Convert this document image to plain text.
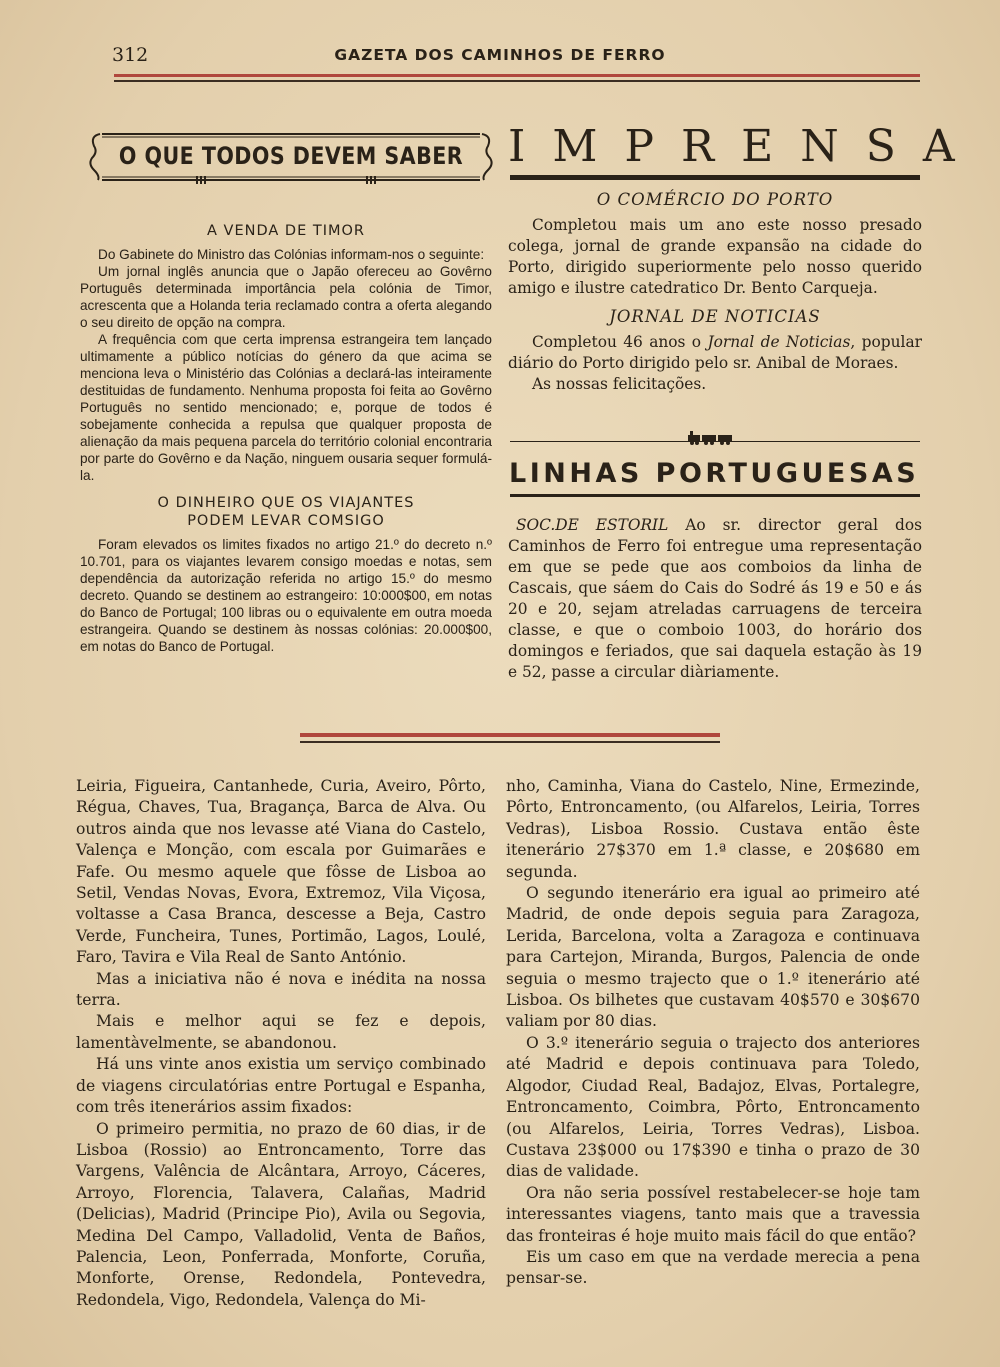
312	GAZETA DOS CAMINHOS DE FERRO
O QUE TODOS DEVEM SABER
A VENDA DE TIMOR

Do Gabinete do Ministro das Colónias informam-nos o seguinte:

Um jornal inglês anuncia que o Japão ofereceu ao Govêrno Português determinada importância pela colónia de Timor, acrescenta que a Holanda teria reclamado contra a oferta alegando o seu direito de opção na compra.

A frequência com que certa imprensa estrangeira tem lançado ultimamente a público notícias do género da que acima se menciona leva o Ministério das Colónias a declará-las inteiramente destituidas de fundamento. Nenhuma proposta foi feita ao Govêrno Português no sentido mencionado; e, porque de todos é sobejamente conhecida a repulsa que qualquer proposta de alienação da mais pequena parcela do território colonial encontraria por parte do Govêrno e da Nação, ninguem ousaria sequer formulá-la.

O DINHEIRO QUE OS VIAJANTES
PODEM LEVAR COMSIGO

Foram elevados os limites fixados no artigo 21.º do decreto n.º 10.701, para os viajantes levarem consigo moedas e notas, sem dependência da autorização referida no artigo 15.º do mesmo decreto. Quando se destinem ao estrangeiro: 10:000$00, em notas do Banco de Portugal; 100 libras ou o equivalente em outra moeda estrangeira. Quando se destinem às nossas colónias: 20.000$00, em notas do Banco de Portugal.

IMPRENSA
O COMÉRCIO DO PORTO

Completou mais um ano este nosso presado colega, jornal de grande expansão na cidade do Porto, dirigido superiormente pelo nosso querido amigo e ilustre catedratico Dr. Bento Carqueja.

JORNAL DE NOTICIAS

Completou 46 anos o Jornal de Noticias, popular diário do Porto dirigido pelo sr. Anibal de Moraes.

As nossas felicitações.

LINHAS PORTUGUESAS

SOC.DE ESTORIL Ao sr. director geral dos Caminhos de Ferro foi entregue uma representação em que se pede que aos comboios da linha de Cascais, que sáem do Cais do Sodré ás 19 e 50 e ás 20 e 20, sejam atreladas carruagens de terceira classe, e que o comboio 1003, do horário dos domingos e feriados, que sai daquela estação às 19 e 52, passe a circular diàriamente.

Leiria, Figueira, Cantanhede, Curia, Aveiro, Pôrto, Régua, Chaves, Tua, Bragança, Barca de Alva. Ou outros ainda que nos levasse até Viana do Castelo, Valença e Monção, com escala por Guimarães e Fafe. Ou mesmo aquele que fôsse de Lisboa ao Setil, Vendas Novas, Evora, Extremoz, Vila Viçosa, voltasse a Casa Branca, descesse a Beja, Castro Verde, Funcheira, Tunes, Portimão, Lagos, Loulé, Faro, Tavira e Vila Real de Santo António.

Mas a iniciativa não é nova e inédita na nossa terra.

Mais e melhor aqui se fez e depois, lamentàvelmente, se abandonou.

Há uns vinte anos existia um serviço combinado de viagens circulatórias entre Portugal e Espanha, com três itenerários assim fixados:

O primeiro permitia, no prazo de 60 dias, ir de Lisboa (Rossio) ao Entroncamento, Torre das Vargens, Valência de Alcântara, Arroyo, Cáceres, Arroyo, Florencia, Talavera, Calañas, Madrid (Delicias), Madrid (Principe Pio), Avila ou Segovia, Medina Del Campo, Valladolid, Venta de Baños, Palencia, Leon, Ponferrada, Monforte, Coruña, Monforte, Orense, Redondela, Pontevedra, Redondela, Vigo, Redondela, Valença do Mi-

nho, Caminha, Viana do Castelo, Nine, Ermezinde, Pôrto, Entroncamento, (ou Alfarelos, Leiria, Torres Vedras), Lisboa Rossio. Custava então êste itenerário 27$370 em 1.ª classe, e 20$680 em segunda.

O segundo itenerário era igual ao primeiro até Madrid, de onde depois seguia para Zaragoza, Lerida, Barcelona, volta a Zaragoza e continuava para Cartejon, Miranda, Burgos, Palencia de onde seguia o mesmo trajecto que o 1.º itenerário até Lisboa. Os bilhetes que custavam 40$570 e 30$670 valiam por 80 dias.

O 3.º itenerário seguia o trajecto dos anteriores até Madrid e depois continuava para Toledo, Algodor, Ciudad Real, Badajoz, Elvas, Portalegre, Entroncamento, Coimbra, Pôrto, Entroncamento (ou Alfarelos, Leiria, Torres Vedras), Lisboa. Custava 23$000 ou 17$390 e tinha o prazo de 30 dias de validade.

Ora não seria possível restabelecer-se hoje tam interessantes viagens, tanto mais que a travessia das fronteiras é hoje muito mais fácil do que então?

Eis um caso em que na verdade merecia a pena pensar-se.
